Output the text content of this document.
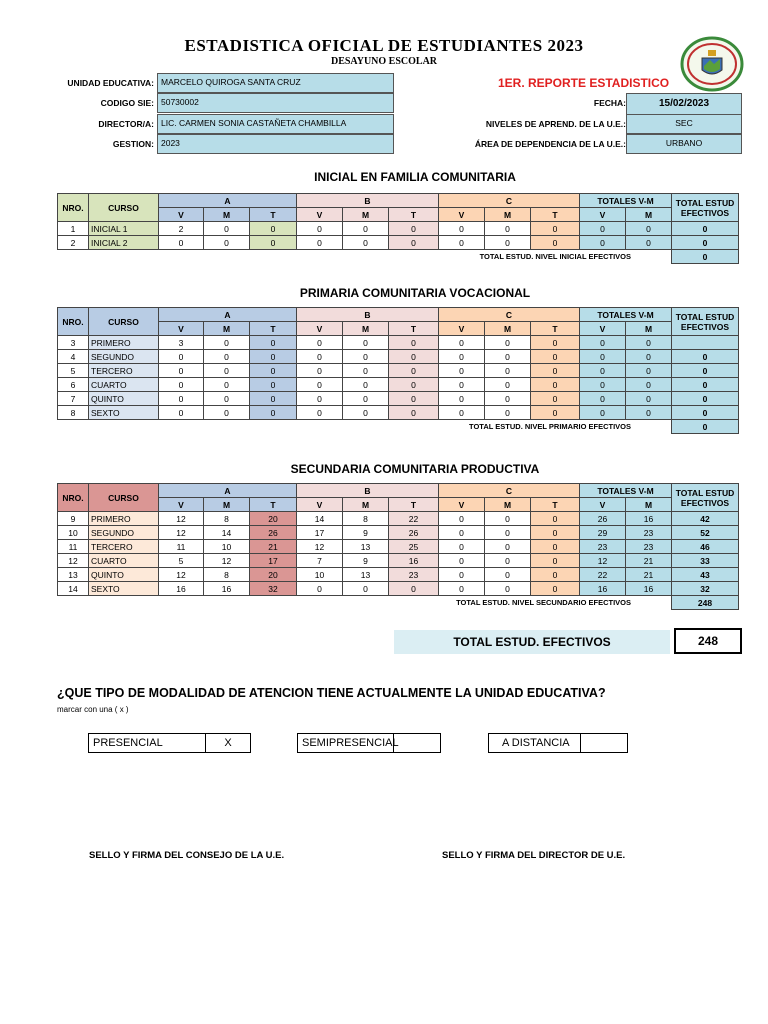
ESTADISTICA OFICIAL DE ESTUDIANTES 2023
DESAYUNO ESCOLAR
UNIDAD EDUCATIVA: MARCELO QUIROGA SANTA CRUZ
CODIGO SIE: 50730002
DIRECTOR/A: LIC. CARMEN SONIA CASTAÑETA CHAMBILLA
GESTION: 2023
1ER. REPORTE ESTADISTICO
FECHA:	15/02/2023
NIVELES DE APREND. DE LA U.E.:	SEC
ÁREA DE DEPENDENCIA DE LA U.E.:	URBANO
INICIAL EN FAMILIA COMUNITARIA
PRIMARIA COMUNITARIA VOCACIONAL
SECUNDARIA COMUNITARIA PRODUCTIVA
NRO.	CURSO	A			B			C			TOTALES V-M		TOTAL ESTUD EFECTIVOS
		V	M	T	V	M	T	V	M	T	V	M	
1	INICIAL 1	2	0	0	0	0	0	0	0	0	0	0	0
2	INICIAL 2	0	0	0	0	0	0	0	0	0	0	0	0
TOTAL ESTUD. NIVEL INICIAL EFECTIVOS													0
NRO.	CURSO	A			B			C			TOTALES V-M		TOTAL ESTUD EFECTIVOS
		V	M	T	V	M	T	V	M	T	V	M	
3	PRIMERO	3	0	0	0	0	0	0	0	0	0	0	
4	SEGUNDO	0	0	0	0	0	0	0	0	0	0	0	0
5	TERCERO	0	0	0	0	0	0	0	0	0	0	0	0
6	CUARTO	0	0	0	0	0	0	0	0	0	0	0	0
7	QUINTO	0	0	0	0	0	0	0	0	0	0	0	0
8	SEXTO	0	0	0	0	0	0	0	0	0	0	0	0
TOTAL ESTUD. NIVEL PRIMARIO EFECTIVOS													0
NRO.	CURSO	A			B			C			TOTALES V-M		TOTAL ESTUD EFECTIVOS
		V	M	T	V	M	T	V	M	T	V	M	
9	PRIMERO	12	8	20	14	8	22	0	0	0	26	16	42
10	SEGUNDO	12	14	26	17	9	26	0	0	0	29	23	52
11	TERCERO	11	10	21	12	13	25	0	0	0	23	23	46
12	CUARTO	5	12	17	7	9	16	0	0	0	12	21	33
13	QUINTO	12	8	20	10	13	23	0	0	0	22	21	43
14	SEXTO	16	16	32	0	0	0	0	0	0	16	16	32
TOTAL ESTUD. NIVEL SECUNDARIO EFECTIVOS													248
TOTAL ESTUD. EFECTIVOS	248
¿QUE TIPO DE MODALIDAD DE ATENCION TIENE ACTUALMENTE LA UNIDAD EDUCATIVA?
marcar con una ( x )
PRESENCIAL	X	SEMIPRESENCIAL	A DISTANCIA
SELLO Y FIRMA DEL CONSEJO DE LA U.E.	SELLO Y FIRMA DEL DIRECTOR DE U.E.
